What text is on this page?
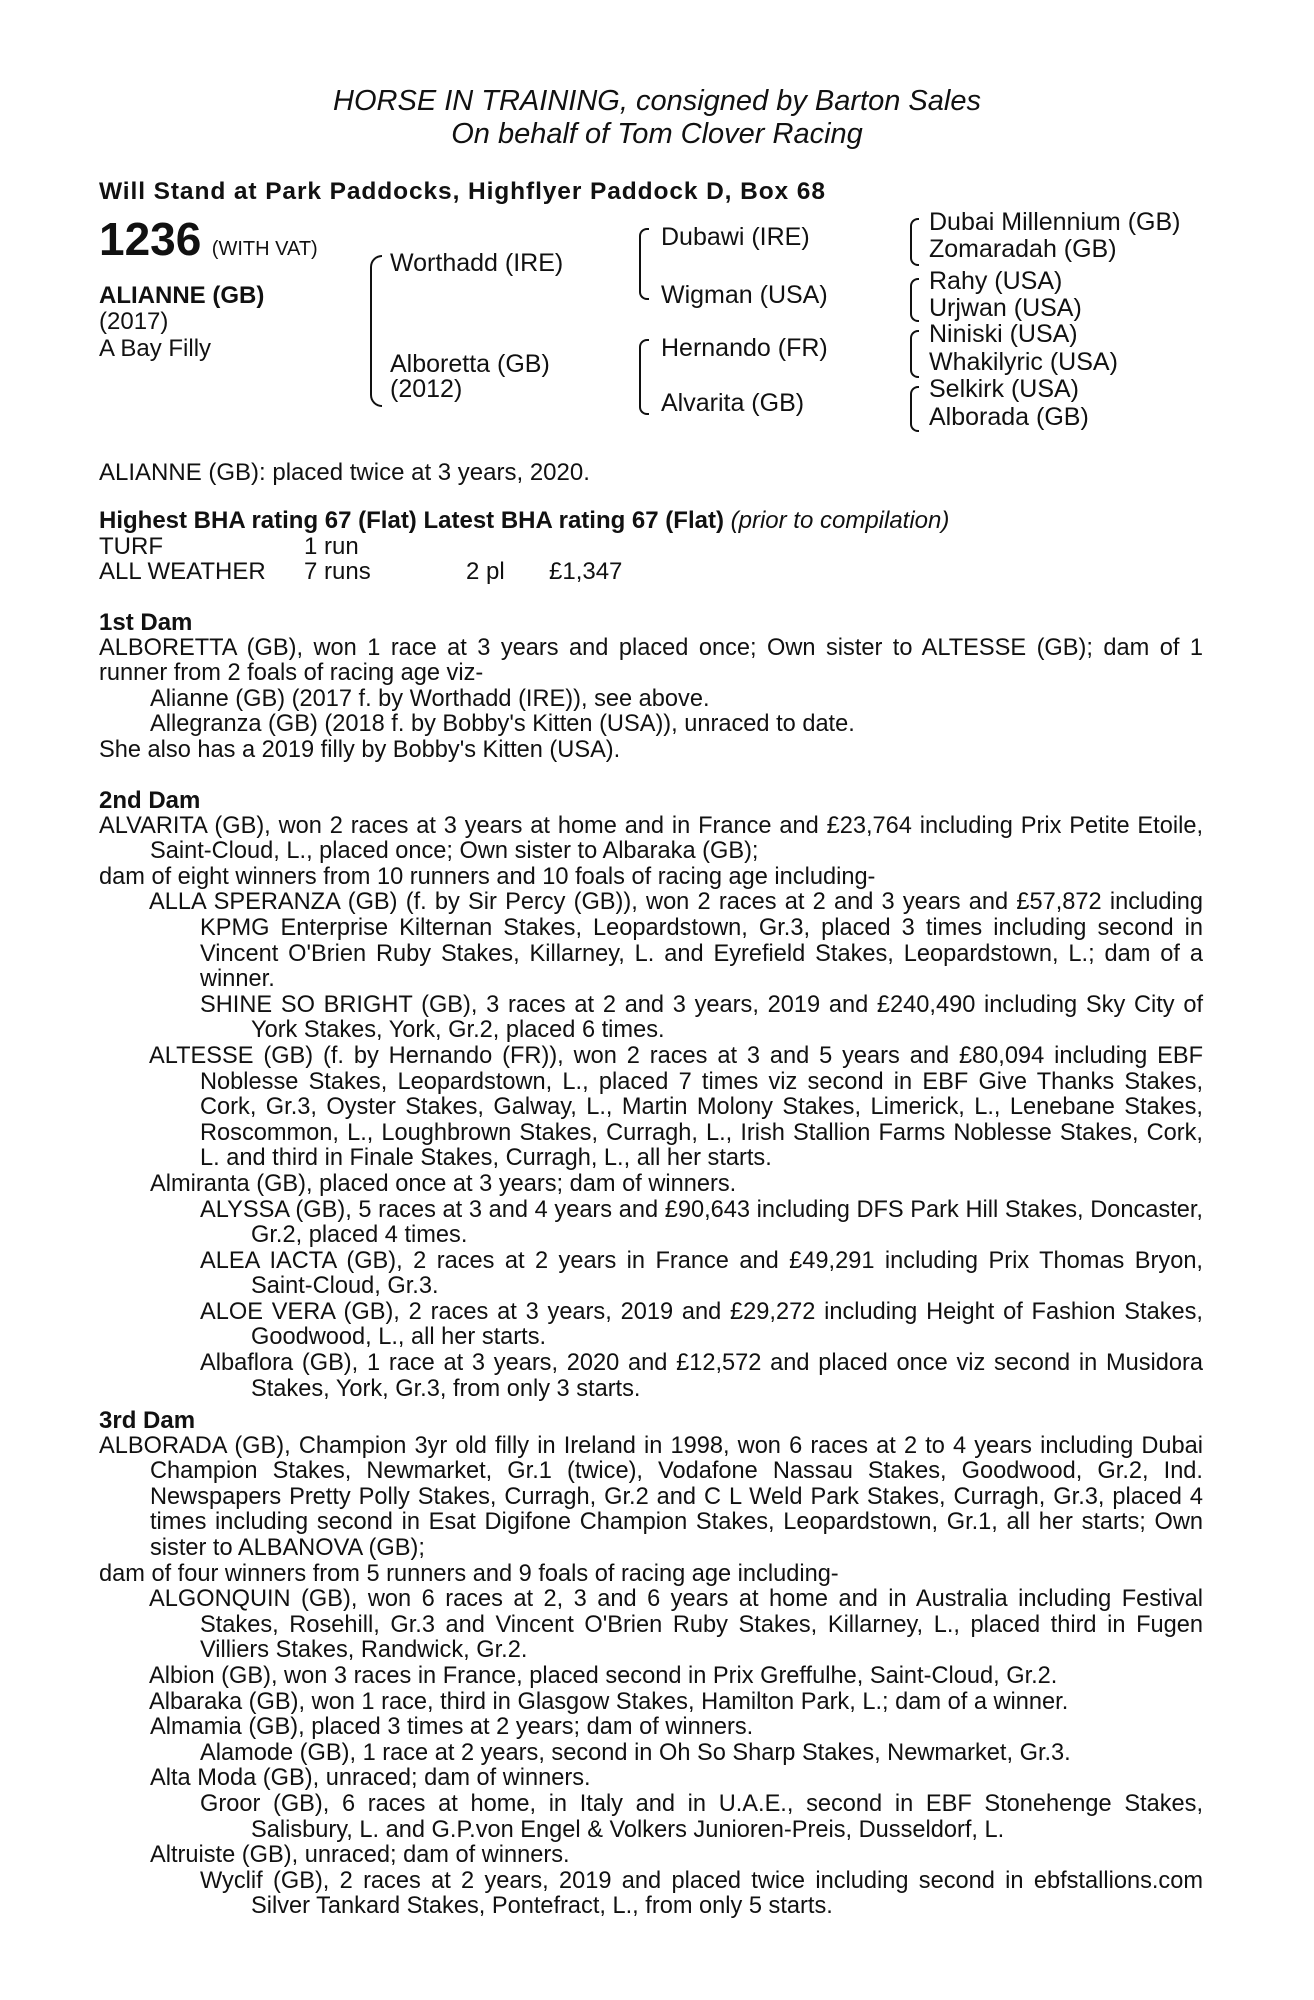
HORSE IN TRAINING, consigned by Barton Sales
On behalf of Tom Clover Racing
Will Stand at Park Paddocks, Highflyer Paddock D, Box 68
1236 (WITH VAT)
ALIANNE (GB)
(2017)
A Bay Filly
Worthadd (IRE)
Alboretta (GB)
(2012)
Dubawi (IRE)
Wigman (USA)
Hernando (FR)
Alvarita (GB)
Dubai Millennium (GB)
Zomaradah (GB)
Rahy (USA)
Urjwan (USA)
Niniski (USA)
Whakilyric (USA)
Selkirk (USA)
Alborada (GB)
ALIANNE (GB): placed twice at 3 years, 2020.
Highest BHA rating 67 (Flat) Latest BHA rating 67 (Flat) (prior to compilation)
TURF	1 run
ALL WEATHER 7 runs	2 pl £1,347

1st Dam

ALBORETTA (GB), won 1 race at 3 years and placed once; Own sister to ALTESSE (GB); dam of 1 runner from 2 foals of racing age viz-

Alianne (GB) (2017 f. by Worthadd (IRE)), see above.

Allegranza (GB) (2018 f. by Bobby's Kitten (USA)), unraced to date.

She also has a 2019 filly by Bobby's Kitten (USA).

2nd Dam

ALVARITA (GB), won 2 races at 3 years at home and in France and £23,764 including Prix Petite Etoile, Saint-Cloud, L., placed once; Own sister to Albaraka (GB);

dam of eight winners from 10 runners and 10 foals of racing age including-

ALLA SPERANZA (GB) (f. by Sir Percy (GB)), won 2 races at 2 and 3 years and £57,872 including KPMG Enterprise Kilternan Stakes, Leopardstown, Gr.3, placed 3 times including second in Vincent O'Brien Ruby Stakes, Killarney, L. and Eyrefield Stakes, Leopardstown, L.; dam of a winner.

SHINE SO BRIGHT (GB), 3 races at 2 and 3 years, 2019 and £240,490 including Sky City of York Stakes, York, Gr.2, placed 6 times.

ALTESSE (GB) (f. by Hernando (FR)), won 2 races at 3 and 5 years and £80,094 including EBF Noblesse Stakes, Leopardstown, L., placed 7 times viz second in EBF Give Thanks Stakes, Cork, Gr.3, Oyster Stakes, Galway, L., Martin Molony Stakes, Limerick, L., Lenebane Stakes, Roscommon, L., Loughbrown Stakes, Curragh, L., Irish Stallion Farms Noblesse Stakes, Cork, L. and third in Finale Stakes, Curragh, L., all her starts.

Almiranta (GB), placed once at 3 years; dam of winners.

ALYSSA (GB), 5 races at 3 and 4 years and £90,643 including DFS Park Hill Stakes, Doncaster, Gr.2, placed 4 times.

ALEA IACTA (GB), 2 races at 2 years in France and £49,291 including Prix Thomas Bryon, Saint-Cloud, Gr.3.

ALOE VERA (GB), 2 races at 3 years, 2019 and £29,272 including Height of Fashion Stakes, Goodwood, L., all her starts.

Albaflora (GB), 1 race at 3 years, 2020 and £12,572 and placed once viz second in Musidora Stakes, York, Gr.3, from only 3 starts.

3rd Dam

ALBORADA (GB), Champion 3yr old filly in Ireland in 1998, won 6 races at 2 to 4 years including Dubai Champion Stakes, Newmarket, Gr.1 (twice), Vodafone Nassau Stakes, Goodwood, Gr.2, Ind. Newspapers Pretty Polly Stakes, Curragh, Gr.2 and C L Weld Park Stakes, Curragh, Gr.3, placed 4 times including second in Esat Digifone Champion Stakes, Leopardstown, Gr.1, all her starts; Own sister to ALBANOVA (GB);

dam of four winners from 5 runners and 9 foals of racing age including-

ALGONQUIN (GB), won 6 races at 2, 3 and 6 years at home and in Australia including Festival Stakes, Rosehill, Gr.3 and Vincent O'Brien Ruby Stakes, Killarney, L., placed third in Fugen Villiers Stakes, Randwick, Gr.2.

Albion (GB), won 3 races in France, placed second in Prix Greffulhe, Saint-Cloud, Gr.2.

Albaraka (GB), won 1 race, third in Glasgow Stakes, Hamilton Park, L.; dam of a winner.

Almamia (GB), placed 3 times at 2 years; dam of winners.

Alamode (GB), 1 race at 2 years, second in Oh So Sharp Stakes, Newmarket, Gr.3.

Alta Moda (GB), unraced; dam of winners.

Groor (GB), 6 races at home, in Italy and in U.A.E., second in EBF Stonehenge Stakes, Salisbury, L. and G.P.von Engel & Volkers Junioren-Preis, Dusseldorf, L.

Altruiste (GB), unraced; dam of winners.

Wyclif (GB), 2 races at 2 years, 2019 and placed twice including second in ebfstallions.com Silver Tankard Stakes, Pontefract, L., from only 5 starts.
